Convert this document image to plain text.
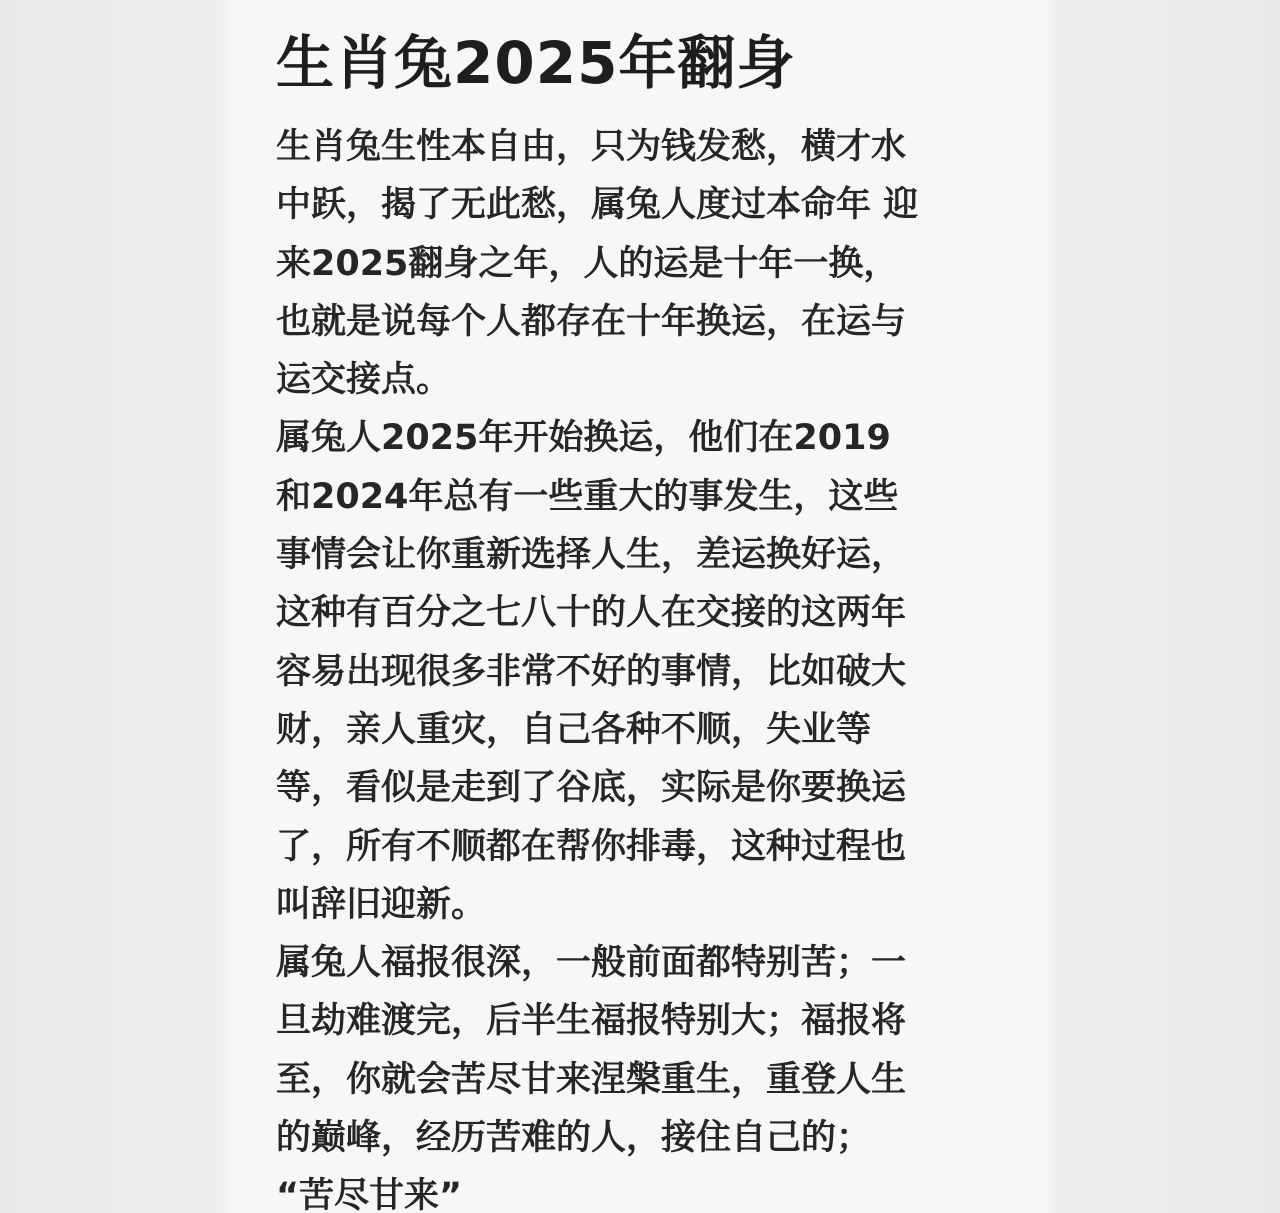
生肖兔2025年翻身
生肖兔生性本自由，只为钱发愁，横才水
中跃，揭了无此愁，属兔人度过本命年 迎
来2025翻身之年，人的运是十年一换，
也就是说每个人都存在十年换运，在运与
运交接点。
属兔人2025年开始换运，他们在2019
和2024年总有一些重大的事发生，这些
事情会让你重新选择人生，差运换好运，
这种有百分之七八十的人在交接的这两年
容易出现很多非常不好的事情，比如破大
财，亲人重灾，自己各种不顺，失业等
等，看似是走到了谷底，实际是你要换运
了，所有不顺都在帮你排毒，这种过程也
叫辞旧迎新。
属兔人福报很深，一般前面都特别苦；一
旦劫难渡完，后半生福报特别大；福报将
至，你就会苦尽甘来涅槃重生，重登人生
的巅峰，经历苦难的人，接住自己的；
“苦尽甘来”
